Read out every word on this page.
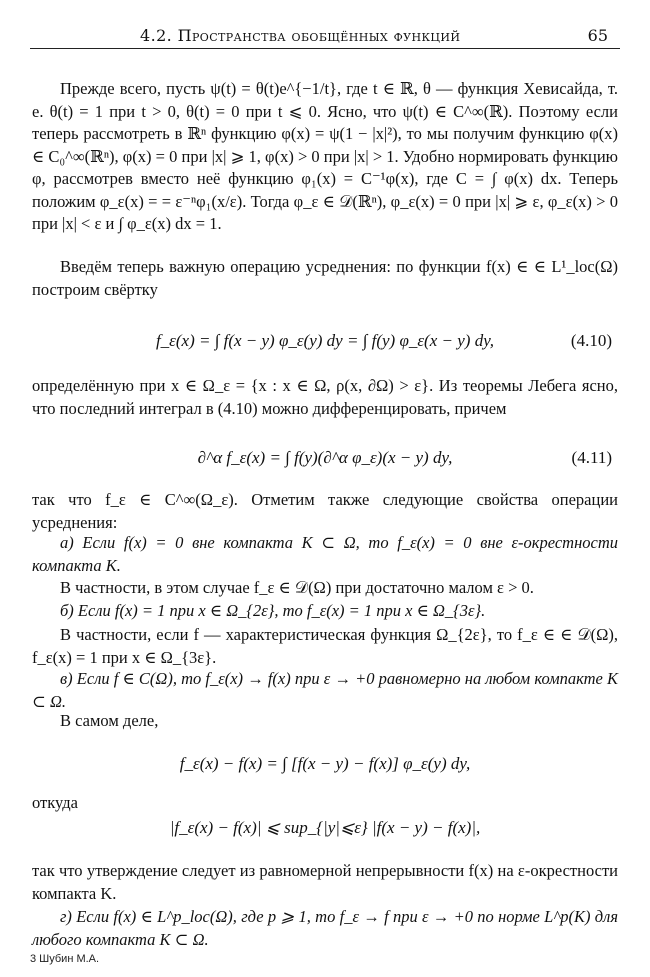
4.2. Пространства обобщённых функций	65

Прежде всего, пусть ψ(t) = θ(t)e^{−1/t}, где t ∈ ℝ, θ — функция Хевисайда, т. е. θ(t) = 1 при t > 0, θ(t) = 0 при t ⩽ 0. Ясно, что ψ(t) ∈ C^∞(ℝ). Поэтому если теперь рассмотреть в ℝⁿ функцию φ(x) = ψ(1 − |x|²), то мы получим функцию φ(x) ∈ C₀^∞(ℝⁿ), φ(x) = 0 при |x| ⩾ 1, φ(x) > 0 при |x| > 1. Удобно нормировать функцию φ, рассмотрев вместо неё функцию φ₁(x) = C⁻¹φ(x), где C = ∫ φ(x) dx. Теперь положим φ_ε(x) = = ε⁻ⁿφ₁(x/ε). Тогда φ_ε ∈ 𝒟(ℝⁿ), φ_ε(x) = 0 при |x| ⩾ ε, φ_ε(x) > 0 при |x| < ε и ∫ φ_ε(x) dx = 1.

Введём теперь важную операцию усреднения: по функции f(x) ∈ ∈ L¹_loc(Ω) построим свёртку

f_ε(x) = ∫ f(x − y) φ_ε(y) dy = ∫ f(y) φ_ε(x − y) dy,	(4.10)

определённую при x ∈ Ω_ε = {x : x ∈ Ω, ρ(x, ∂Ω) > ε}. Из теоремы Лебега ясно, что последний интеграл в (4.10) можно дифференцировать, причем

∂^α f_ε(x) = ∫ f(y)(∂^α φ_ε)(x − y) dy,	(4.11)

так что f_ε ∈ C^∞(Ω_ε). Отметим также следующие свойства операции усреднения:

а) Если f(x) = 0 вне компакта K ⊂ Ω, то f_ε(x) = 0 вне ε-окрестности компакта K.

В частности, в этом случае f_ε ∈ 𝒟(Ω) при достаточно малом ε > 0.

б) Если f(x) = 1 при x ∈ Ω_{2ε}, то f_ε(x) = 1 при x ∈ Ω_{3ε}.

В частности, если f — характеристическая функция Ω_{2ε}, то f_ε ∈ ∈ 𝒟(Ω), f_ε(x) = 1 при x ∈ Ω_{3ε}.

в) Если f ∈ C(Ω), то f_ε(x) → f(x) при ε → +0 равномерно на любом компакте K ⊂ Ω.

В самом деле,

f_ε(x) − f(x) = ∫ [f(x − y) − f(x)] φ_ε(y) dy,

откуда

|f_ε(x) − f(x)| ⩽ sup_{|y|⩽ε} |f(x − y) − f(x)|,

так что утверждение следует из равномерной непрерывности f(x) на ε-окрестности компакта K.

г) Если f(x) ∈ L^p_loc(Ω), где p ⩾ 1, то f_ε → f при ε → +0 по норме L^p(K) для любого компакта K ⊂ Ω.

3 Шубин М.А.
